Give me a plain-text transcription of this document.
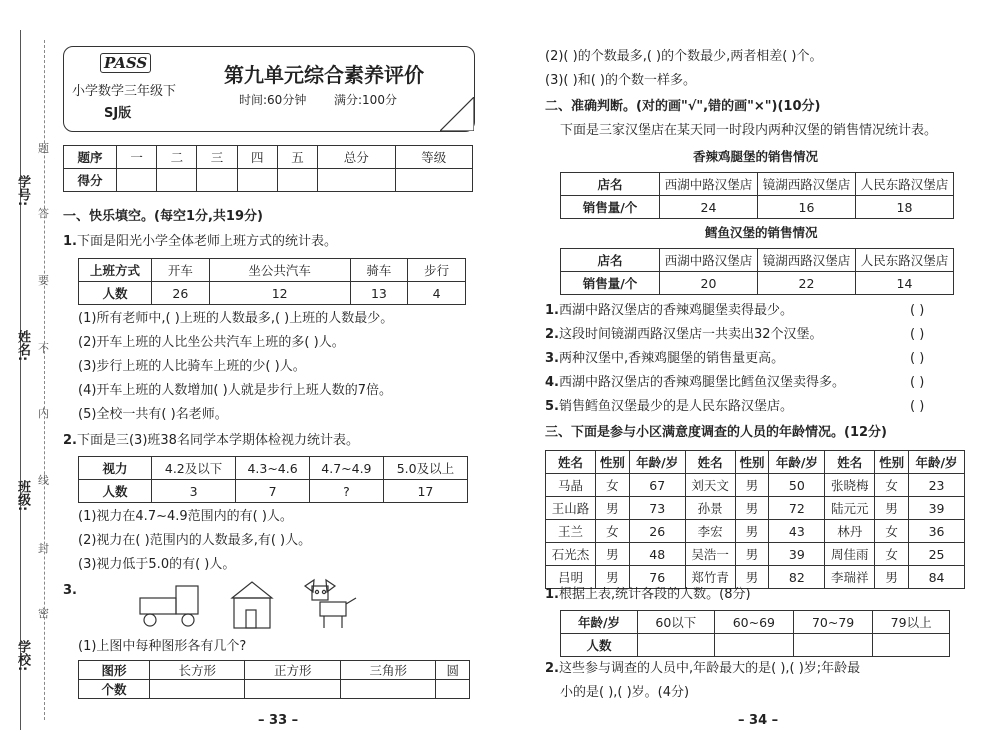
学号:
姓名:
班级:
学校:
题
答
要
不
内
线
封
密
PASS
小学数学三年级下
SJ版
第九单元综合素养评价
时间:60分钟 满分:100分
题序	一	二	三	四	五	总分	等级
得分							
一、快乐填空。(每空1分,共19分)
1.下面是阳光小学全体老师上班方式的统计表。
上班方式	开车	坐公共汽车	骑车	步行
人数	26	12	13	4
(1)所有老师中,( )上班的人数最多,( )上班的人数最少。
(2)开车上班的人比坐公共汽车上班的多( )人。
(3)步行上班的人比骑车上班的少( )人。
(4)开车上班的人数增加( )人就是步行上班人数的7倍。
(5)全校一共有( )名老师。
2.下面是三(3)班38名同学本学期体检视力统计表。
视力	4.2及以下	4.3~4.6	4.7~4.9	5.0及以上
人数	3	7	?	17
(1)视力在4.7~4.9范围内的有( )人。
(2)视力在( )范围内的人数最多,有( )人。
(3)视力低于5.0的有( )人。
3.
(1)上图中每种图形各有几个?
图形	长方形	正方形	三角形	圆
个数				
– 33 –
(2)( )的个数最多,( )的个数最少,两者相差( )个。
(3)( )和( )的个数一样多。
二、准确判断。(对的画"√",错的画"×")(10分)
下面是三家汉堡店在某天同一时段内两种汉堡的销售情况统计表。
香辣鸡腿堡的销售情况
店名	西湖中路汉堡店	镜湖西路汉堡店	人民东路汉堡店
销售量/个	24	16	18
鳕鱼汉堡的销售情况
店名	西湖中路汉堡店	镜湖西路汉堡店	人民东路汉堡店
销售量/个	20	22	14
1.西湖中路汉堡店的香辣鸡腿堡卖得最少。	( )
2.这段时间镜湖西路汉堡店一共卖出32个汉堡。	( )
3.两种汉堡中,香辣鸡腿堡的销售量更高。	( )
4.西湖中路汉堡店的香辣鸡腿堡比鳕鱼汉堡卖得多。	( )
5.销售鳕鱼汉堡最少的是人民东路汉堡店。	( )
三、下面是参与小区满意度调查的人员的年龄情况。(12分)
姓名	性别	年龄/岁	姓名	性别	年龄/岁	姓名	性别	年龄/岁
马晶	女	67	刘天文	男	50	张晓梅	女	23
王山路	男	73	孙景	男	72	陆元元	男	39
王兰	女	26	李宏	男	43	林丹	女	36
石光杰	男	48	吴浩一	男	39	周佳雨	女	25
吕明	男	76	郑竹青	男	82	李瑞祥	男	84
1.根据上表,统计各段的人数。(8分)
年龄/岁	60以下	60~69	70~79	79以上
人数				
2.这些参与调查的人员中,年龄最大的是( ),( )岁;年龄最
小的是( ),( )岁。(4分)
– 34 –
